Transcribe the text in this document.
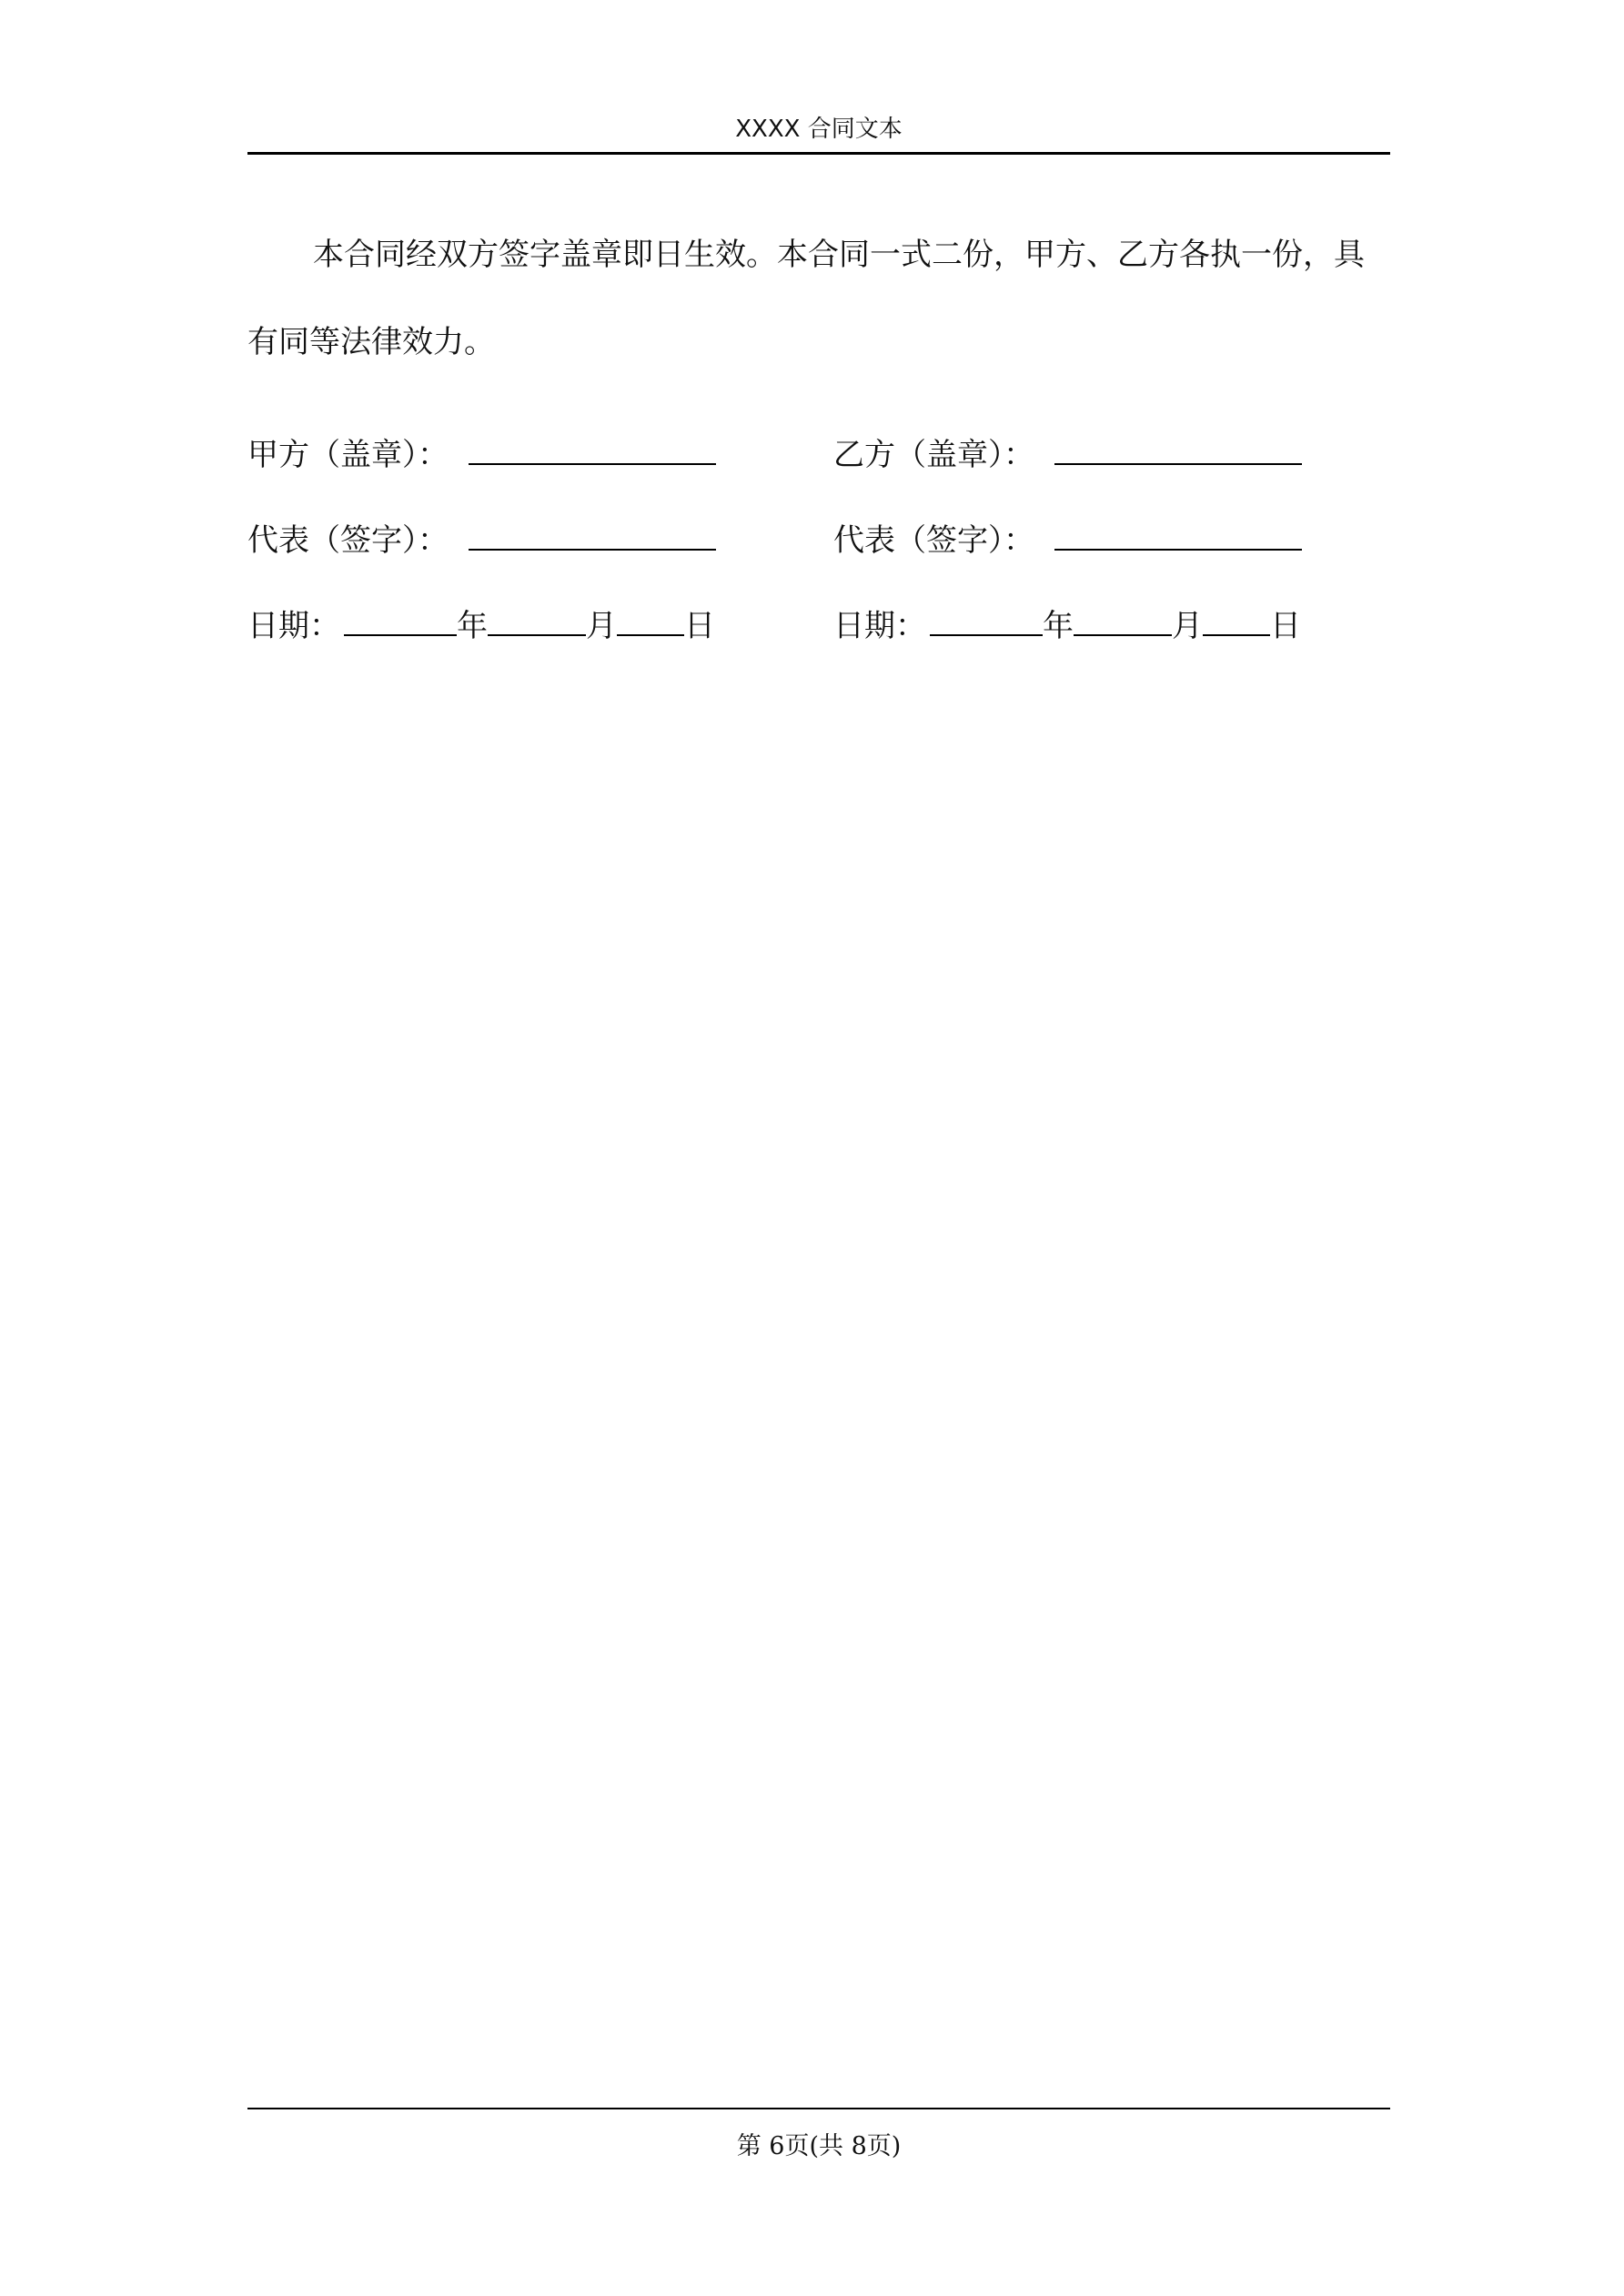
XXXX 合同文本

本合同经双方签字盖章即日生效。本合同一式二份，甲方、乙方各执一份，具有同等法律效力。

甲方（盖章）：
代表（签字）：
日期：	年	月 日
乙方（盖章）：
代表（签字）：
日期：	年	月 日
第 6页(共 8页)
